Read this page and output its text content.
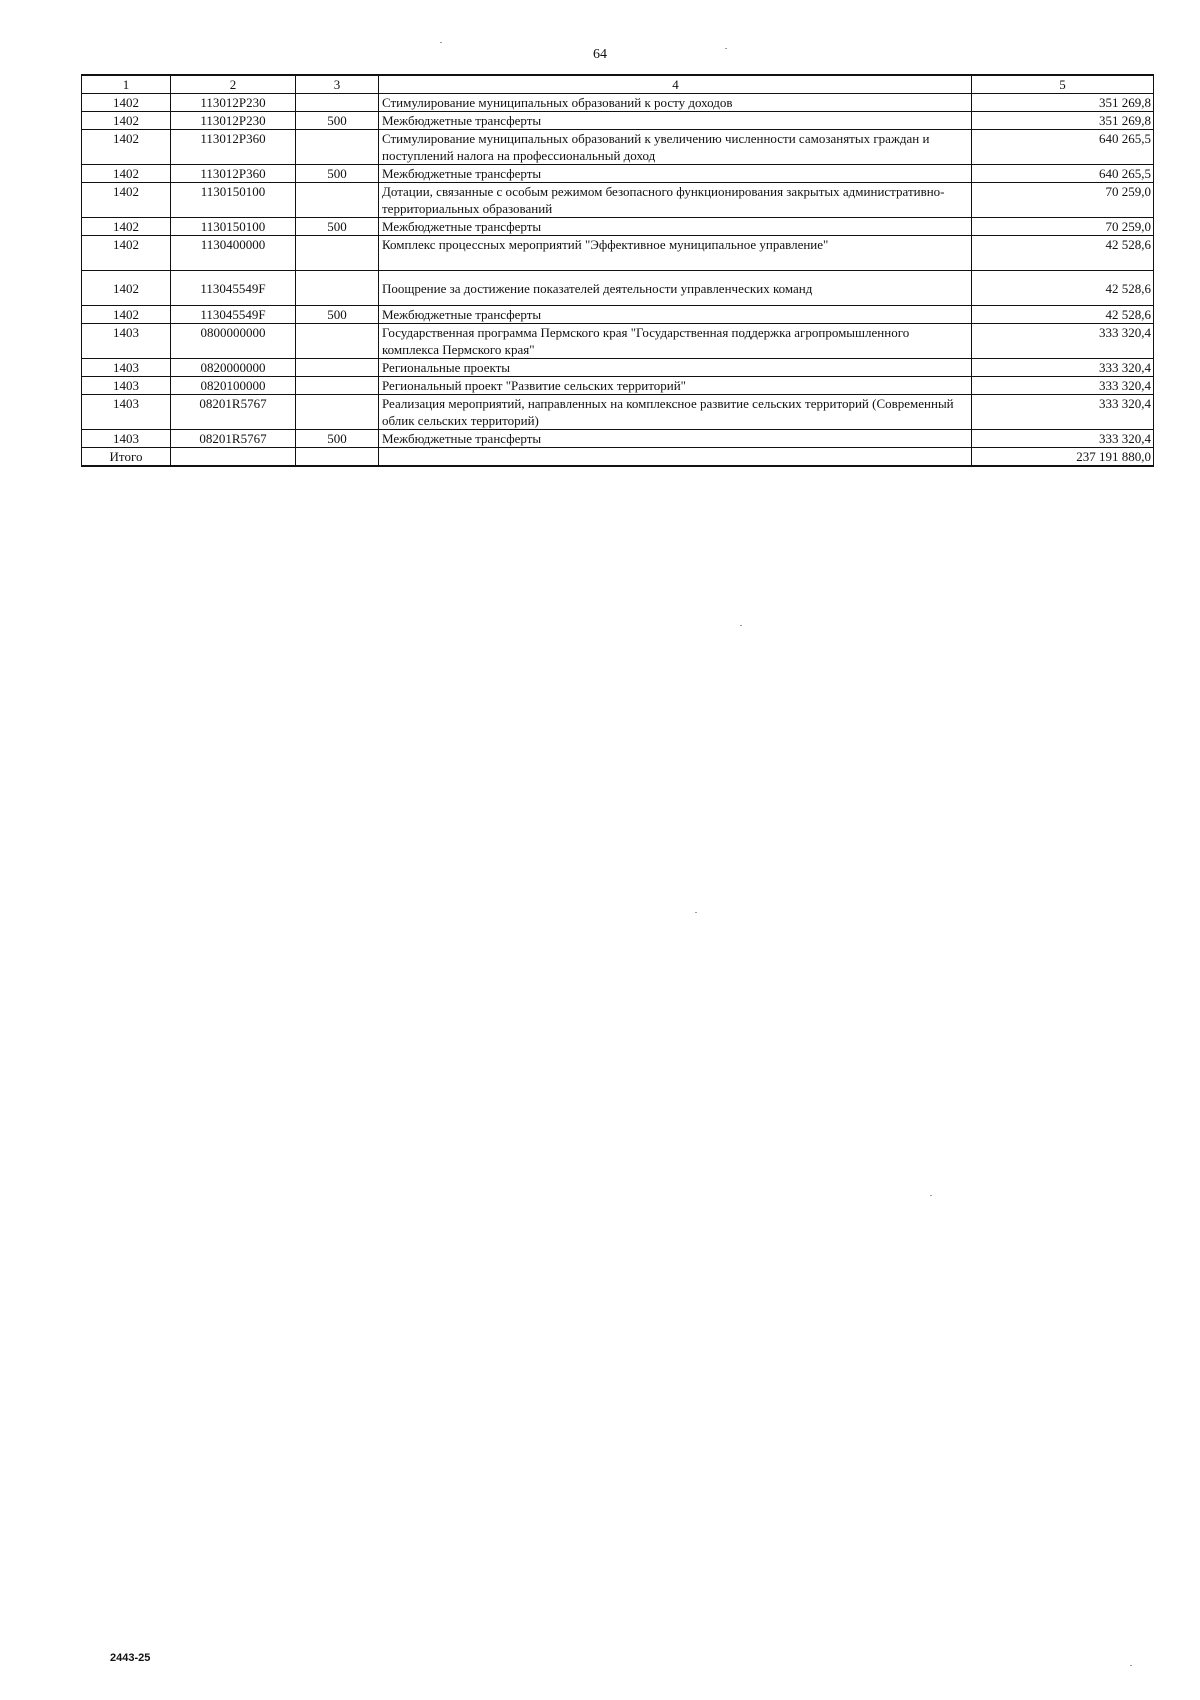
64
1	2	3	4	5
1402	113012P230		Стимулирование муниципальных образований к росту доходов	351 269,8
1402	113012P230	500	Межбюджетные трансферты	351 269,8
1402	113012P360		Стимулирование муниципальных образований к увеличению численности самозанятых граждан и поступлений налога на профессиональный доход	640 265,5
1402	113012P360	500	Межбюджетные трансферты	640 265,5
1402	1130150100		Дотации, связанные с особым режимом безопасного функционирования закрытых административно-территориальных образований	70 259,0
1402	1130150100	500	Межбюджетные трансферты	70 259,0
1402	1130400000		Комплекс процессных мероприятий "Эффективное муниципальное управление"	42 528,6
1402	113045549F		Поощрение за достижение показателей деятельности управленческих команд	42 528,6
1402	113045549F	500	Межбюджетные трансферты	42 528,6
1403	0800000000		Государственная программа Пермского края "Государственная поддержка агропромышленного комплекса Пермского края"	333 320,4
1403	0820000000		Региональные проекты	333 320,4
1403	0820100000		Региональный проект "Развитие сельских территорий"	333 320,4
1403	08201R5767		Реализация мероприятий, направленных на комплексное развитие сельских территорий (Современный облик сельских территорий)	333 320,4
1403	08201R5767	500	Межбюджетные трансферты	333 320,4
Итого				237 191 880,0
2443-25
